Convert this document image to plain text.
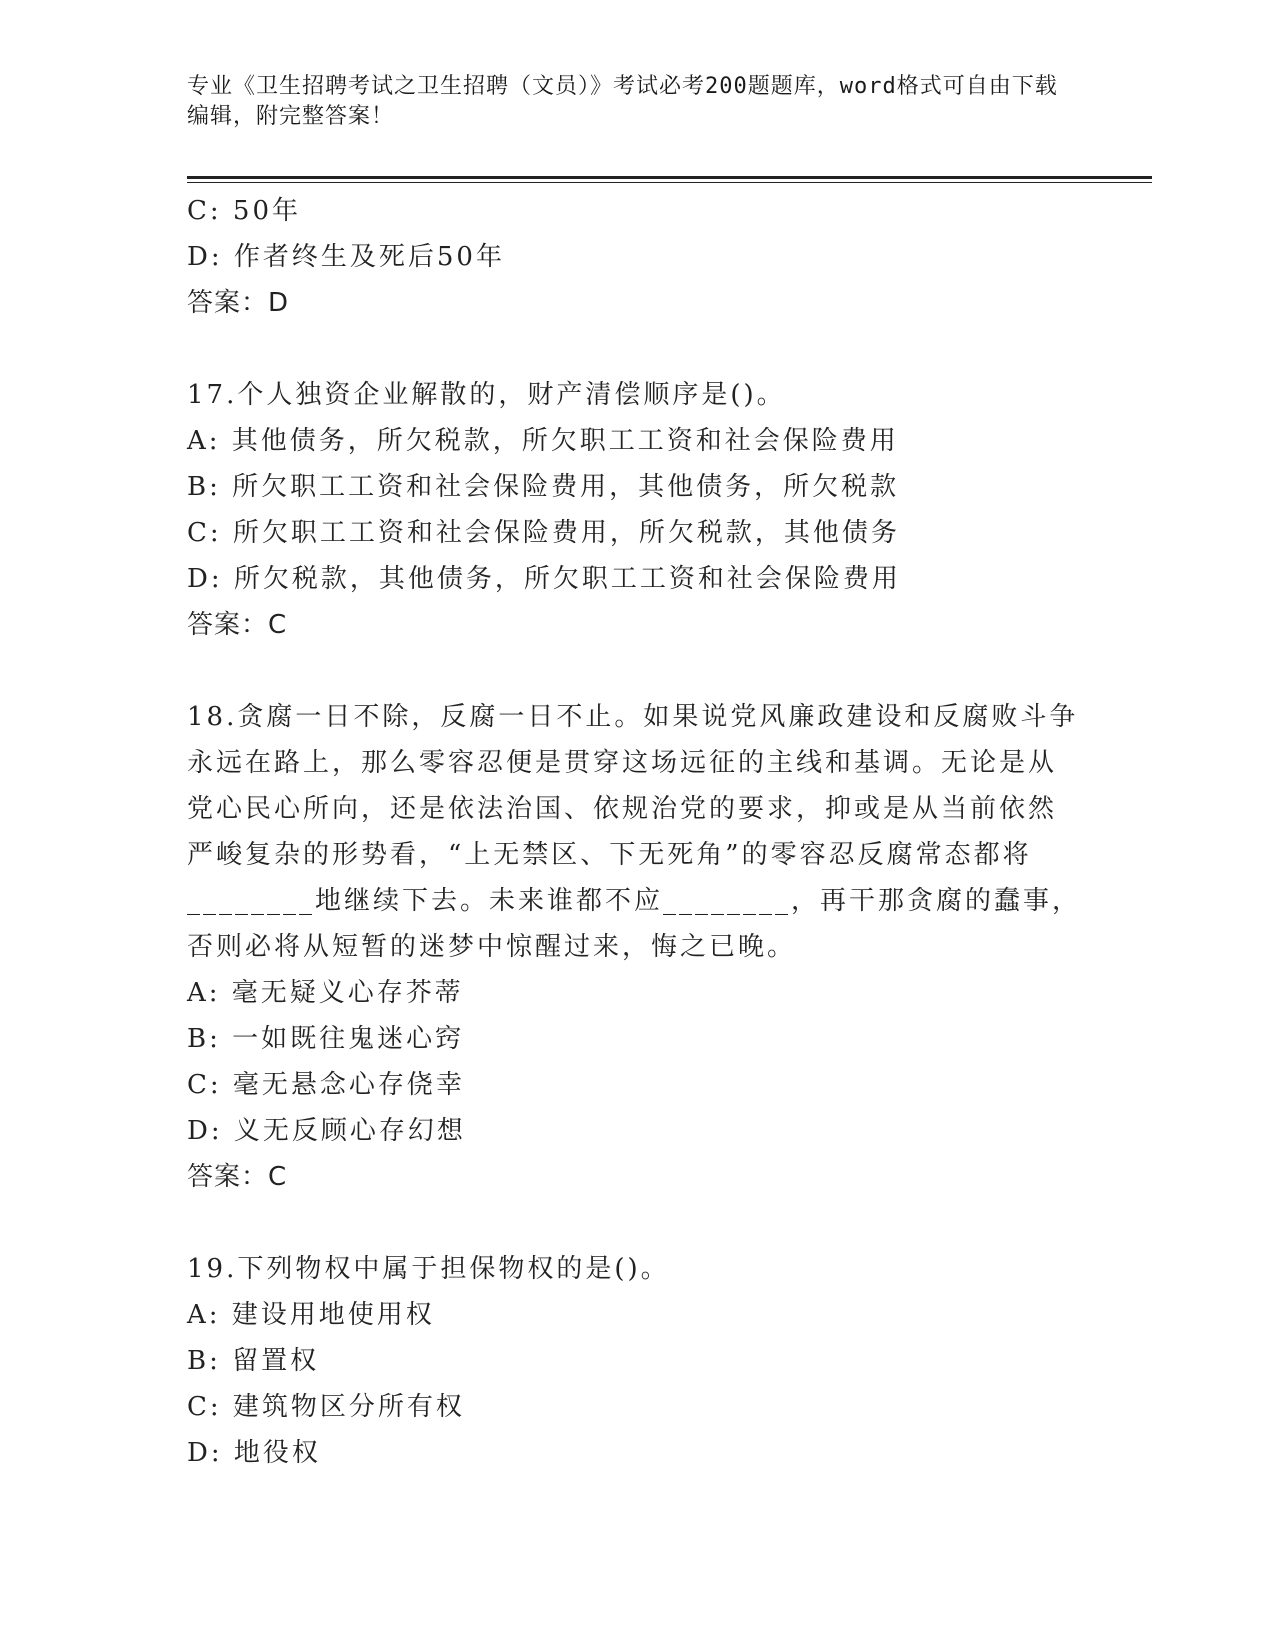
专业《卫生招聘考试之卫生招聘（文员）》考试必考200题题库，word格式可自由下载编辑，附完整答案！
C: 50年
D: 作者终生及死后50年
答案：D
17.个人独资企业解散的，财产清偿顺序是()。
A: 其他债务，所欠税款，所欠职工工资和社会保险费用
B: 所欠职工工资和社会保险费用，其他债务，所欠税款
C: 所欠职工工资和社会保险费用，所欠税款，其他债务
D: 所欠税款，其他债务，所欠职工工资和社会保险费用
答案：C
18.贪腐一日不除，反腐一日不止。如果说党风廉政建设和反腐败斗争
永远在路上，那么零容忍便是贯穿这场远征的主线和基调。无论是从
党心民心所向，还是依法治国、依规治党的要求，抑或是从当前依然
严峻复杂的形势看，“上无禁区、下无死角”的零容忍反腐常态都将
________地继续下去。未来谁都不应________，再干那贪腐的蠢事，
否则必将从短暂的迷梦中惊醒过来，悔之已晚。
A: 毫无疑义心存芥蒂
B: 一如既往鬼迷心窍
C: 毫无悬念心存侥幸
D: 义无反顾心存幻想
答案：C
19.下列物权中属于担保物权的是()。
A: 建设用地使用权
B: 留置权
C: 建筑物区分所有权
D: 地役权
